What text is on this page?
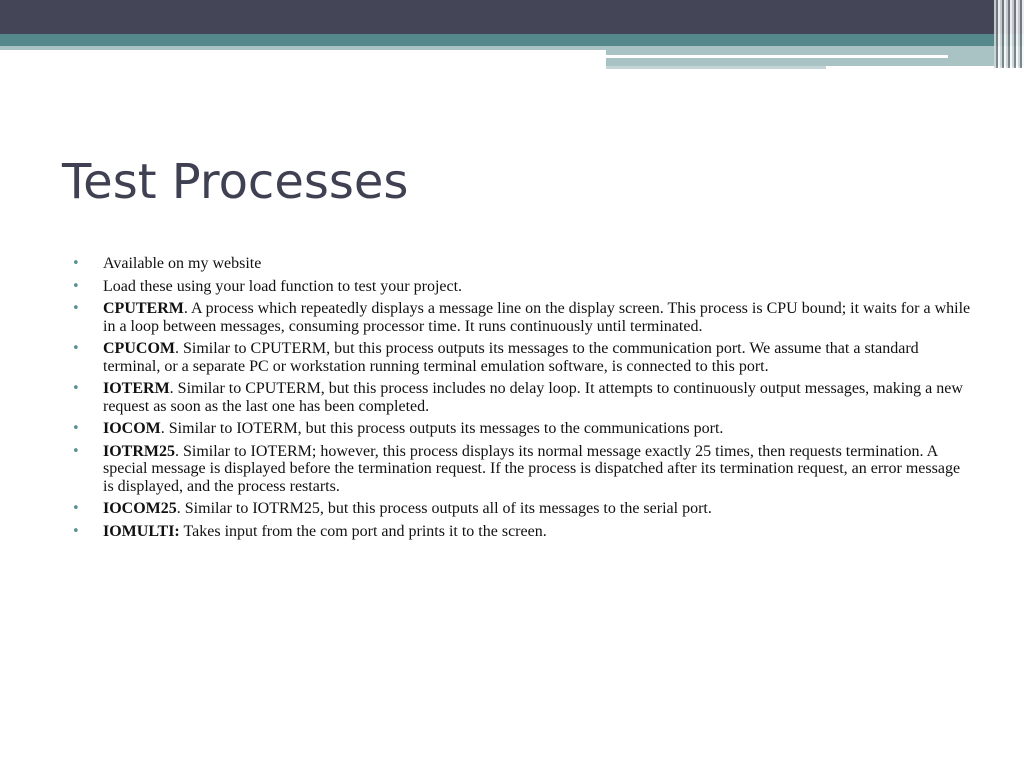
Test Processes
• Available on my website
• Load these using your load function to test your project.
• CPUTERM. A process which repeatedly displays a message line on the display screen. This process is CPU bound; it waits for a while in a loop between messages, consuming processor time. It runs continuously until terminated.
• CPUCOM. Similar to CPUTERM, but this process outputs its messages to the communication port. We assume that a standard terminal, or a separate PC or workstation running terminal emulation software, is connected to this port.
• IOTERM. Similar to CPUTERM, but this process includes no delay loop. It attempts to continuously output messages, making a new request as soon as the last one has been completed.
• IOCOM. Similar to IOTERM, but this process outputs its messages to the communications port.
• IOTRM25. Similar to IOTERM; however, this process displays its normal message exactly 25 times, then requests termination. A special message is displayed before the termination request. If the process is dispatched after its termination request, an error message is displayed, and the process restarts.
• IOCOM25. Similar to IOTRM25, but this process outputs all of its messages to the serial port.
• IOMULTI: Takes input from the com port and prints it to the screen.
